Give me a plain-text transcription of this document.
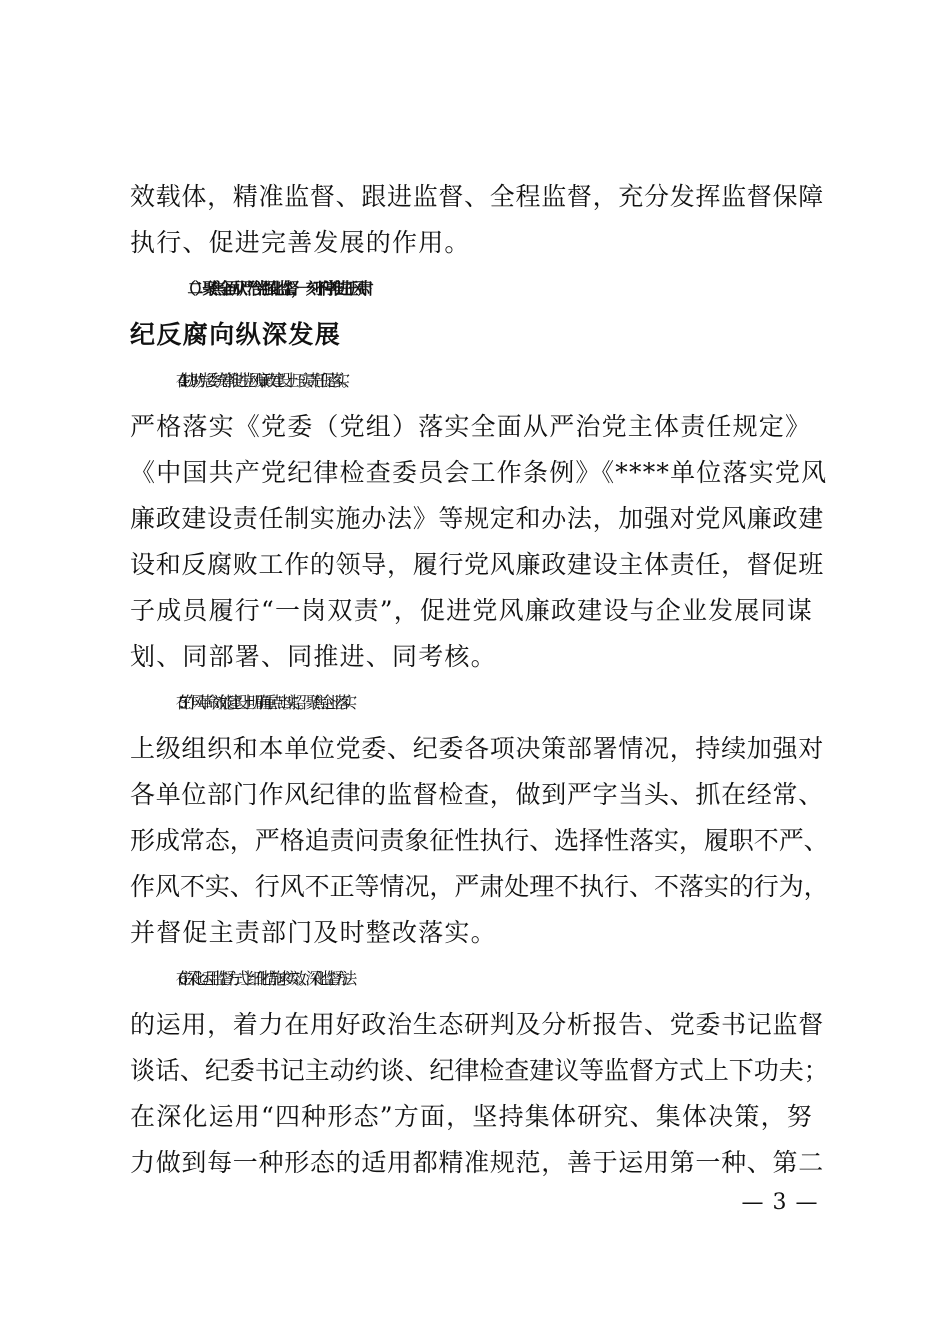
效载体，精准监督、跟进监督、全程监督，充分发挥监督保障
执行、促进完善发展的作用。
（二）聚焦全面从严治党强化监督，一刻不停推进正风肃
纪反腐向纵深发展
4.在协助党委统筹推进党风廉政建设上压实责任促落实。
严格落实《党委（党组）落实全面从严治党主体责任规定》
《中国共产党纪律检查委员会工作条例》《****单位落实党风
廉政建设责任制实施办法》等规定和办法，加强对党风廉政建
设和反腐败工作的领导，履行党风廉政建设主体责任，督促班
子成员履行“一岗双责”，促进党风廉政建设与企业发展同谋
划、同部署、同推进、同考核。
5.在作风革命效能建设上明确重点出实招。聚焦企业落实
上级组织和本单位党委、纪委各项决策部署情况，持续加强对
各单位部门作风纪律的监督检查，做到严字当头、抓在经常、
形成常态，严格追责问责象征性执行、选择性落实，履职不严、
作风不实、行风不正等情况，严肃处理不执行、不落实的行为，
并督促主责部门及时整改落实。
6.在深化运用监督方式上细化措施求实效。深化监督方法
的运用，着力在用好政治生态研判及分析报告、党委书记监督
谈话、纪委书记主动约谈、纪律检查建议等监督方式上下功夫；
在深化运用“四种形态”方面，坚持集体研究、集体决策，努
力做到每一种形态的适用都精准规范，善于运用第一种、第二
— 3 —
